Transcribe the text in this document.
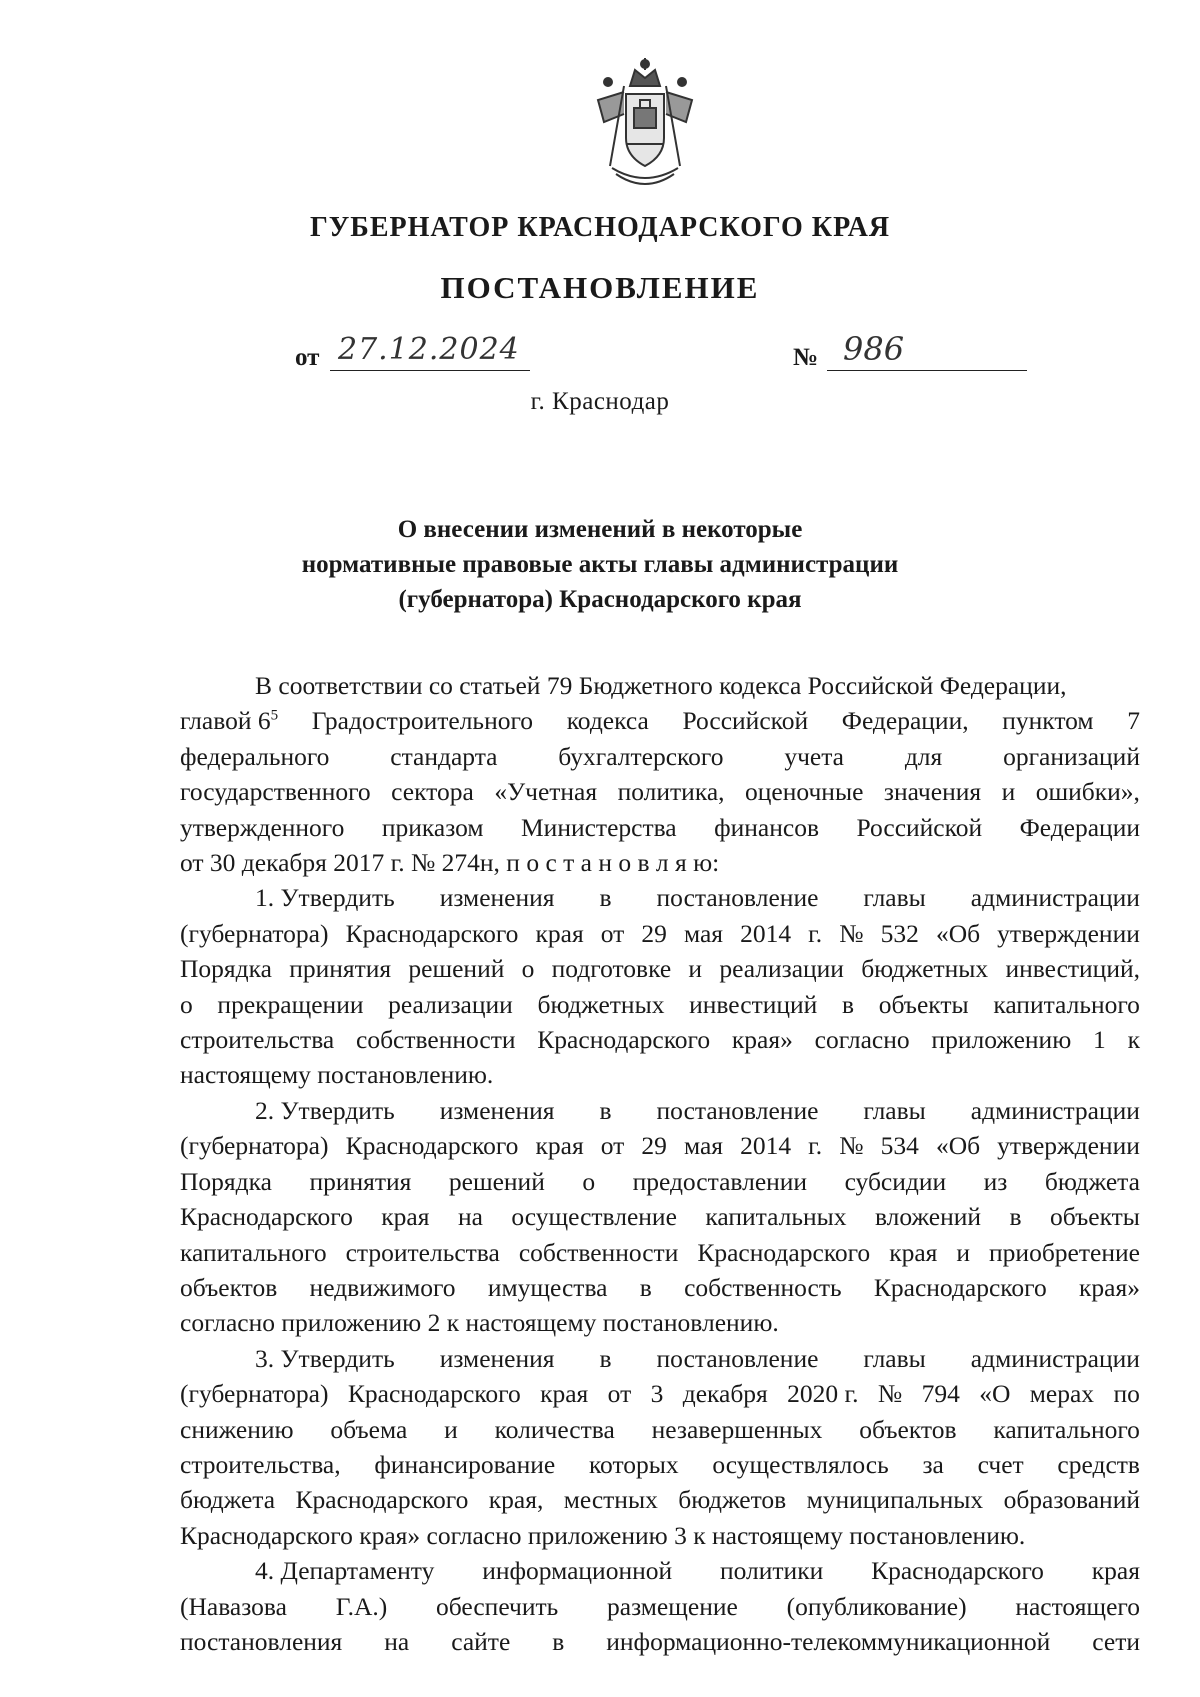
ГУБЕРНАТОР КРАСНОДАРСКОГО КРАЯ
ПОСТАНОВЛЕНИЕ
от 27.12.2024	№ 986
г. Краснодар
О внесении изменений в некоторые
нормативные правовые акты главы администрации
(губернатора) Краснодарского края
В соответствии со статьей 79 Бюджетного кодекса Российской Федерации,
главой $6^5$ Градостроительного кодекса Российской Федерации, пунктом 7
федерального стандарта бухгалтерского учета для организаций
государственного сектора «Учетная политика, оценочные значения и ошибки»,
утвержденного приказом Министерства финансов Российской Федерации
от 30 декабря 2017 г. № 274н, п о с т а н о в л я ю:
1. Утвердить изменения в постановление главы администрации
(губернатора) Краснодарского края от 29 мая 2014 г. № 532 «Об утверждении
Порядка принятия решений о подготовке и реализации бюджетных инвестиций,
о прекращении реализации бюджетных инвестиций в объекты капитального
строительства собственности Краснодарского края» согласно приложению 1 к
настоящему постановлению.
2. Утвердить изменения в постановление главы администрации
(губернатора) Краснодарского края от 29 мая 2014 г. № 534 «Об утверждении
Порядка принятия решений о предоставлении субсидии из бюджета
Краснодарского края на осуществление капитальных вложений в объекты
капитального строительства собственности Краснодарского края и приобретение
объектов недвижимого имущества в собственность Краснодарского края»
согласно приложению 2 к настоящему постановлению.
3. Утвердить изменения в постановление главы администрации
(губернатора) Краснодарского края от 3 декабря 2020 г. № 794 «О мерах по
снижению объема и количества незавершенных объектов капитального
строительства, финансирование которых осуществлялось за счет средств
бюджета Краснодарского края, местных бюджетов муниципальных образований
Краснодарского края» согласно приложению 3 к настоящему постановлению.
4. Департаменту информационной политики Краснодарского края
(Навазова Г.А.) обеспечить размещение (опубликование) настоящего
постановления на сайте в информационно-телекоммуникационной сети
